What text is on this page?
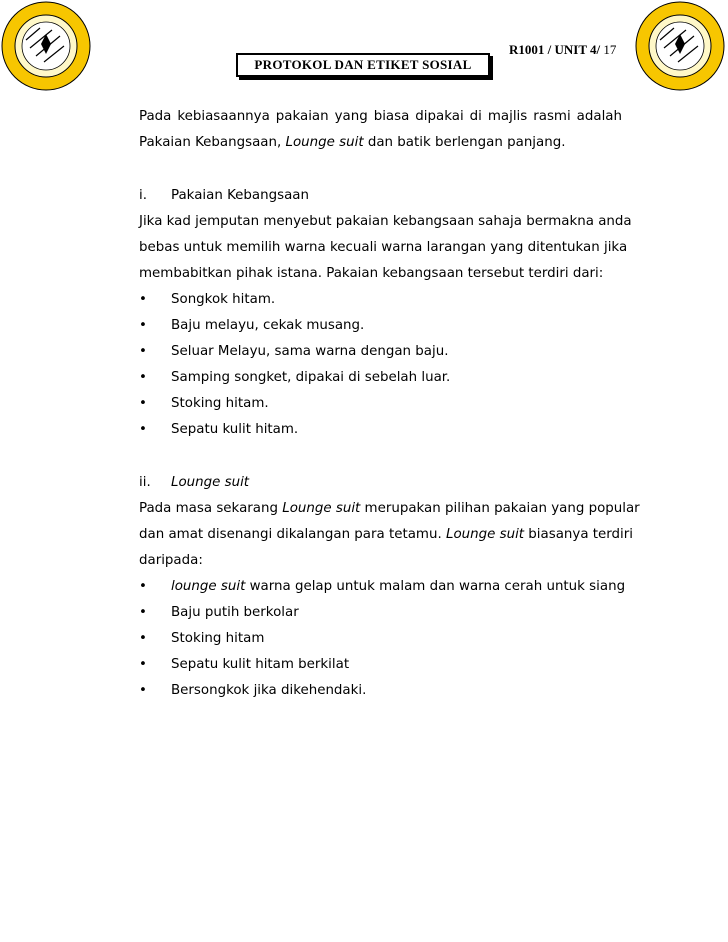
R1001 / UNIT 4/ 17
PROTOKOL DAN ETIKET SOSIAL
Pada kebiasaannya pakaian yang biasa dipakai di majlis rasmi adalah
Pakaian Kebangsaan, Lounge suit dan batik berlengan panjang.
i. Pakaian Kebangsaan
Jika kad jemputan menyebut pakaian kebangsaan sahaja bermakna anda
bebas untuk memilih warna kecuali warna larangan yang ditentukan jika
membabitkan pihak istana. Pakaian kebangsaan tersebut terdiri dari:
• Songkok hitam.
• Baju melayu, cekak musang.
• Seluar Melayu, sama warna dengan baju.
• Samping songket, dipakai di sebelah luar.
• Stoking hitam.
• Sepatu kulit hitam.
ii. Lounge suit
Pada masa sekarang Lounge suit merupakan pilihan pakaian yang popular
dan amat disenangi dikalangan para tetamu. Lounge suit biasanya terdiri
daripada:
• lounge suit warna gelap untuk malam dan warna cerah untuk siang
• Baju putih berkolar
• Stoking hitam
• Sepatu kulit hitam berkilat
• Bersongkok jika dikehendaki.
